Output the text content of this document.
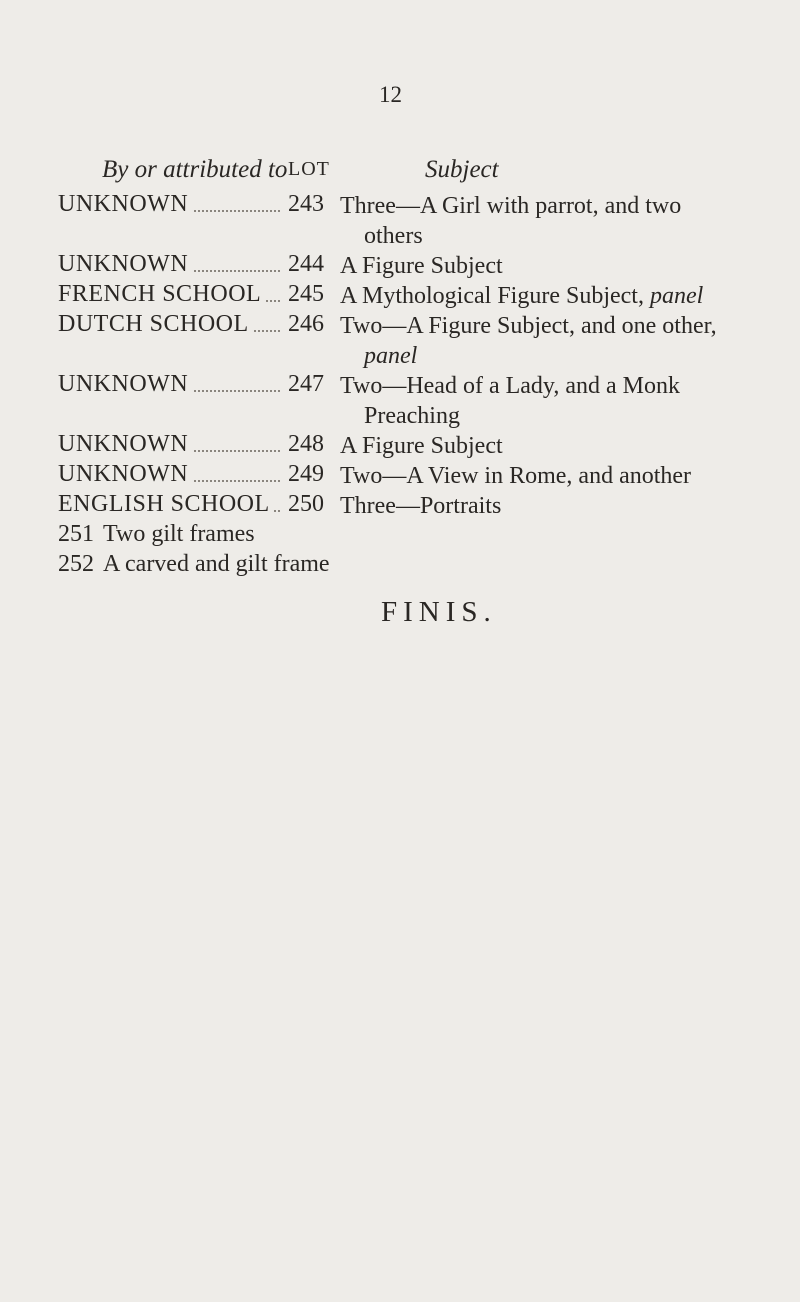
12
By or attributed to LOT	Subject
UNKNOWN	243 Three—A Girl with parrot, and two
others
UNKNOWN	244 A Figure Subject
FRENCH SCHOOL	245 A Mythological Figure Subject, panel
DUTCH SCHOOL	246 Two—A Figure Subject, and one other,
panel
UNKNOWN	247 Two—Head of a Lady, and a Monk
Preaching
UNKNOWN	248 A Figure Subject
UNKNOWN	249 Two—A View in Rome, and another
ENGLISH SCHOOL 250 Three—Portraits
251 Two gilt frames
252 A carved and gilt frame
FINIS.
